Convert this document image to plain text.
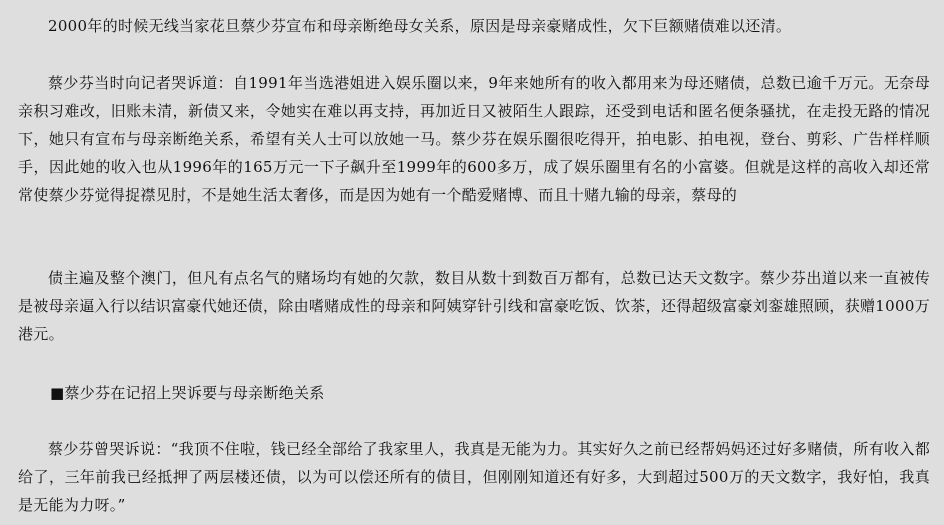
2000年的时候无线当家花旦蔡少芬宣布和母亲断绝母女关系，原因是母亲豪赌成性，欠下巨额赌债难以还清。

蔡少芬当时向记者哭诉道：自1991年当选港姐进入娱乐圈以来，9年来她所有的收入都用来为母还赌债，总数已逾千万元。无奈母亲积习难改，旧账未清，新债又来，令她实在难以再支持，再加近日又被陌生人跟踪，还受到电话和匿名便条骚扰，在走投无路的情况下，她只有宣布与母亲断绝关系，希望有关人士可以放她一马。蔡少芬在娱乐圈很吃得开，拍电影、拍电视，登台、剪彩、广告样样顺手，因此她的收入也从1996年的165万元一下子飙升至1999年的600多万，成了娱乐圈里有名的小富婆。但就是这样的高收入却还常常使蔡少芬觉得捉襟见肘，不是她生活太奢侈，而是因为她有一个酷爱赌博、而且十赌九输的母亲，蔡母的

债主遍及整个澳门，但凡有点名气的赌场均有她的欠款，数目从数十到数百万都有，总数已达天文数字。蔡少芬出道以来一直被传是被母亲逼入行以结识富豪代她还债，除由嗜赌成性的母亲和阿姨穿针引线和富豪吃饭、饮茶，还得超级富豪刘銮雄照顾，获赠1000万港元。

■蔡少芬在记招上哭诉要与母亲断绝关系

蔡少芬曾哭诉说：“我顶不住啦，钱已经全部给了我家里人，我真是无能为力。其实好久之前已经帮妈妈还过好多赌债，所有收入都给了，三年前我已经抵押了两层楼还债，以为可以偿还所有的债目，但刚刚知道还有好多，大到超过500万的天文数字，我好怕，我真是无能为力呀。”
